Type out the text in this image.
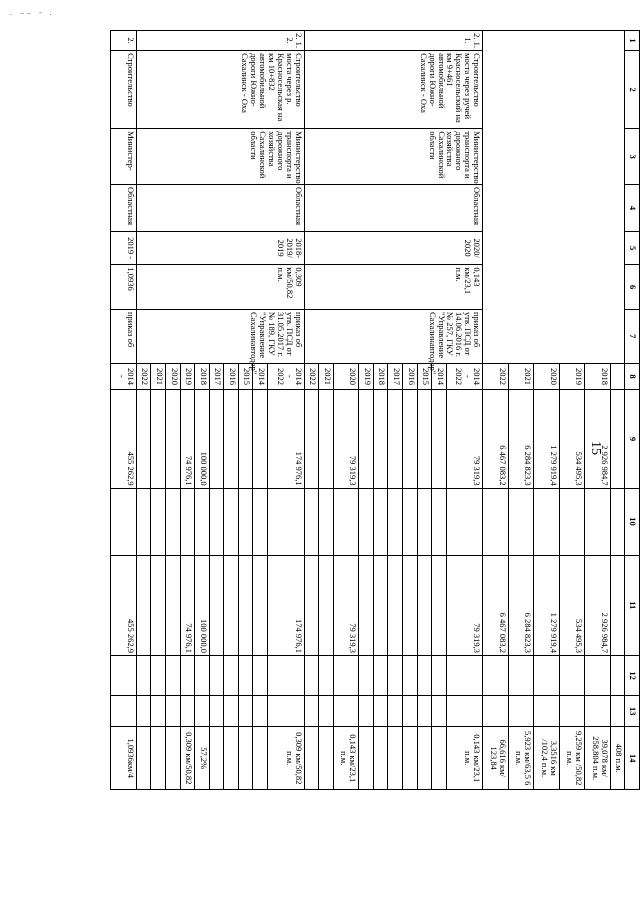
. –– - .
15
1	2	3	4	5	6	7	8	9	10	11	12	13	14
													408 п.м.
							2018	2 926 984,7		2 926 984,7			39,078 км/ 258,804 п.м.
							2019	534 495,3		534 495,3			9,259 км /50,82 п.м.
							2020	1 279 919,4		1 279 919,4			3,3516 км /102,4 п.м.
							2021	6 284 823,3		6 284 823,3			5,923 км/63,5 6 п.м.
							2022	6 467 083,2		6 467 083,2			66,616 км/ 123,84
2. 1. 1.	Строительство моста через ручей Красносельский на км 9+461 автомобильной дороги Южно-Сахалинск - Оха	Министерство транспорта и дорожного хозяйства Сахалинской области	Областная	2020/ 2020	0,143 км/23,1 п.м.	приказ об утв. ПСД от 14.06.2016 г. № 257, ГКУ "Управление Сахалинавтодор"	2014 - 2022	79 319,3		79 319,3			0,143 км/23,1 п.м.
							2014						
							2015						
							2016						
							2017						
							2018						
							2019						
							2020	79 319,3		79 319,3			0,143 км/23,1 п.м.
							2021						
							2022						
2. 1. 2.	Строительство моста через р. Красносельская на км 10+832 автомобильной дороги Южно-Сахалинск - Оха	Министерство транспорта и дорожного хозяйства Сахалинской области	Областная	2018- 2019/ 2019	0,309 км/50,82 п.м.	приказ об утв. ПСД от 31.05.2017 г. № 189, ГКУ "Управление Сахалинавтодор"	2014 - 2022	174 976,1		174 976,1			0,309 км/50,82 п.м.
							2014						
							2015						
							2016						
							2017						
							2018	100 000,0		100 000,0			57,2%
							2019	74 976,1		74 976,1			0,309 км/50,82
							2020						
							2021						
							2022						
2.	Строительство	Министер-	Областная	2019 -	1,0936	приказ об	2014 -	455 262,9		455 262,9			1,0936км/4
